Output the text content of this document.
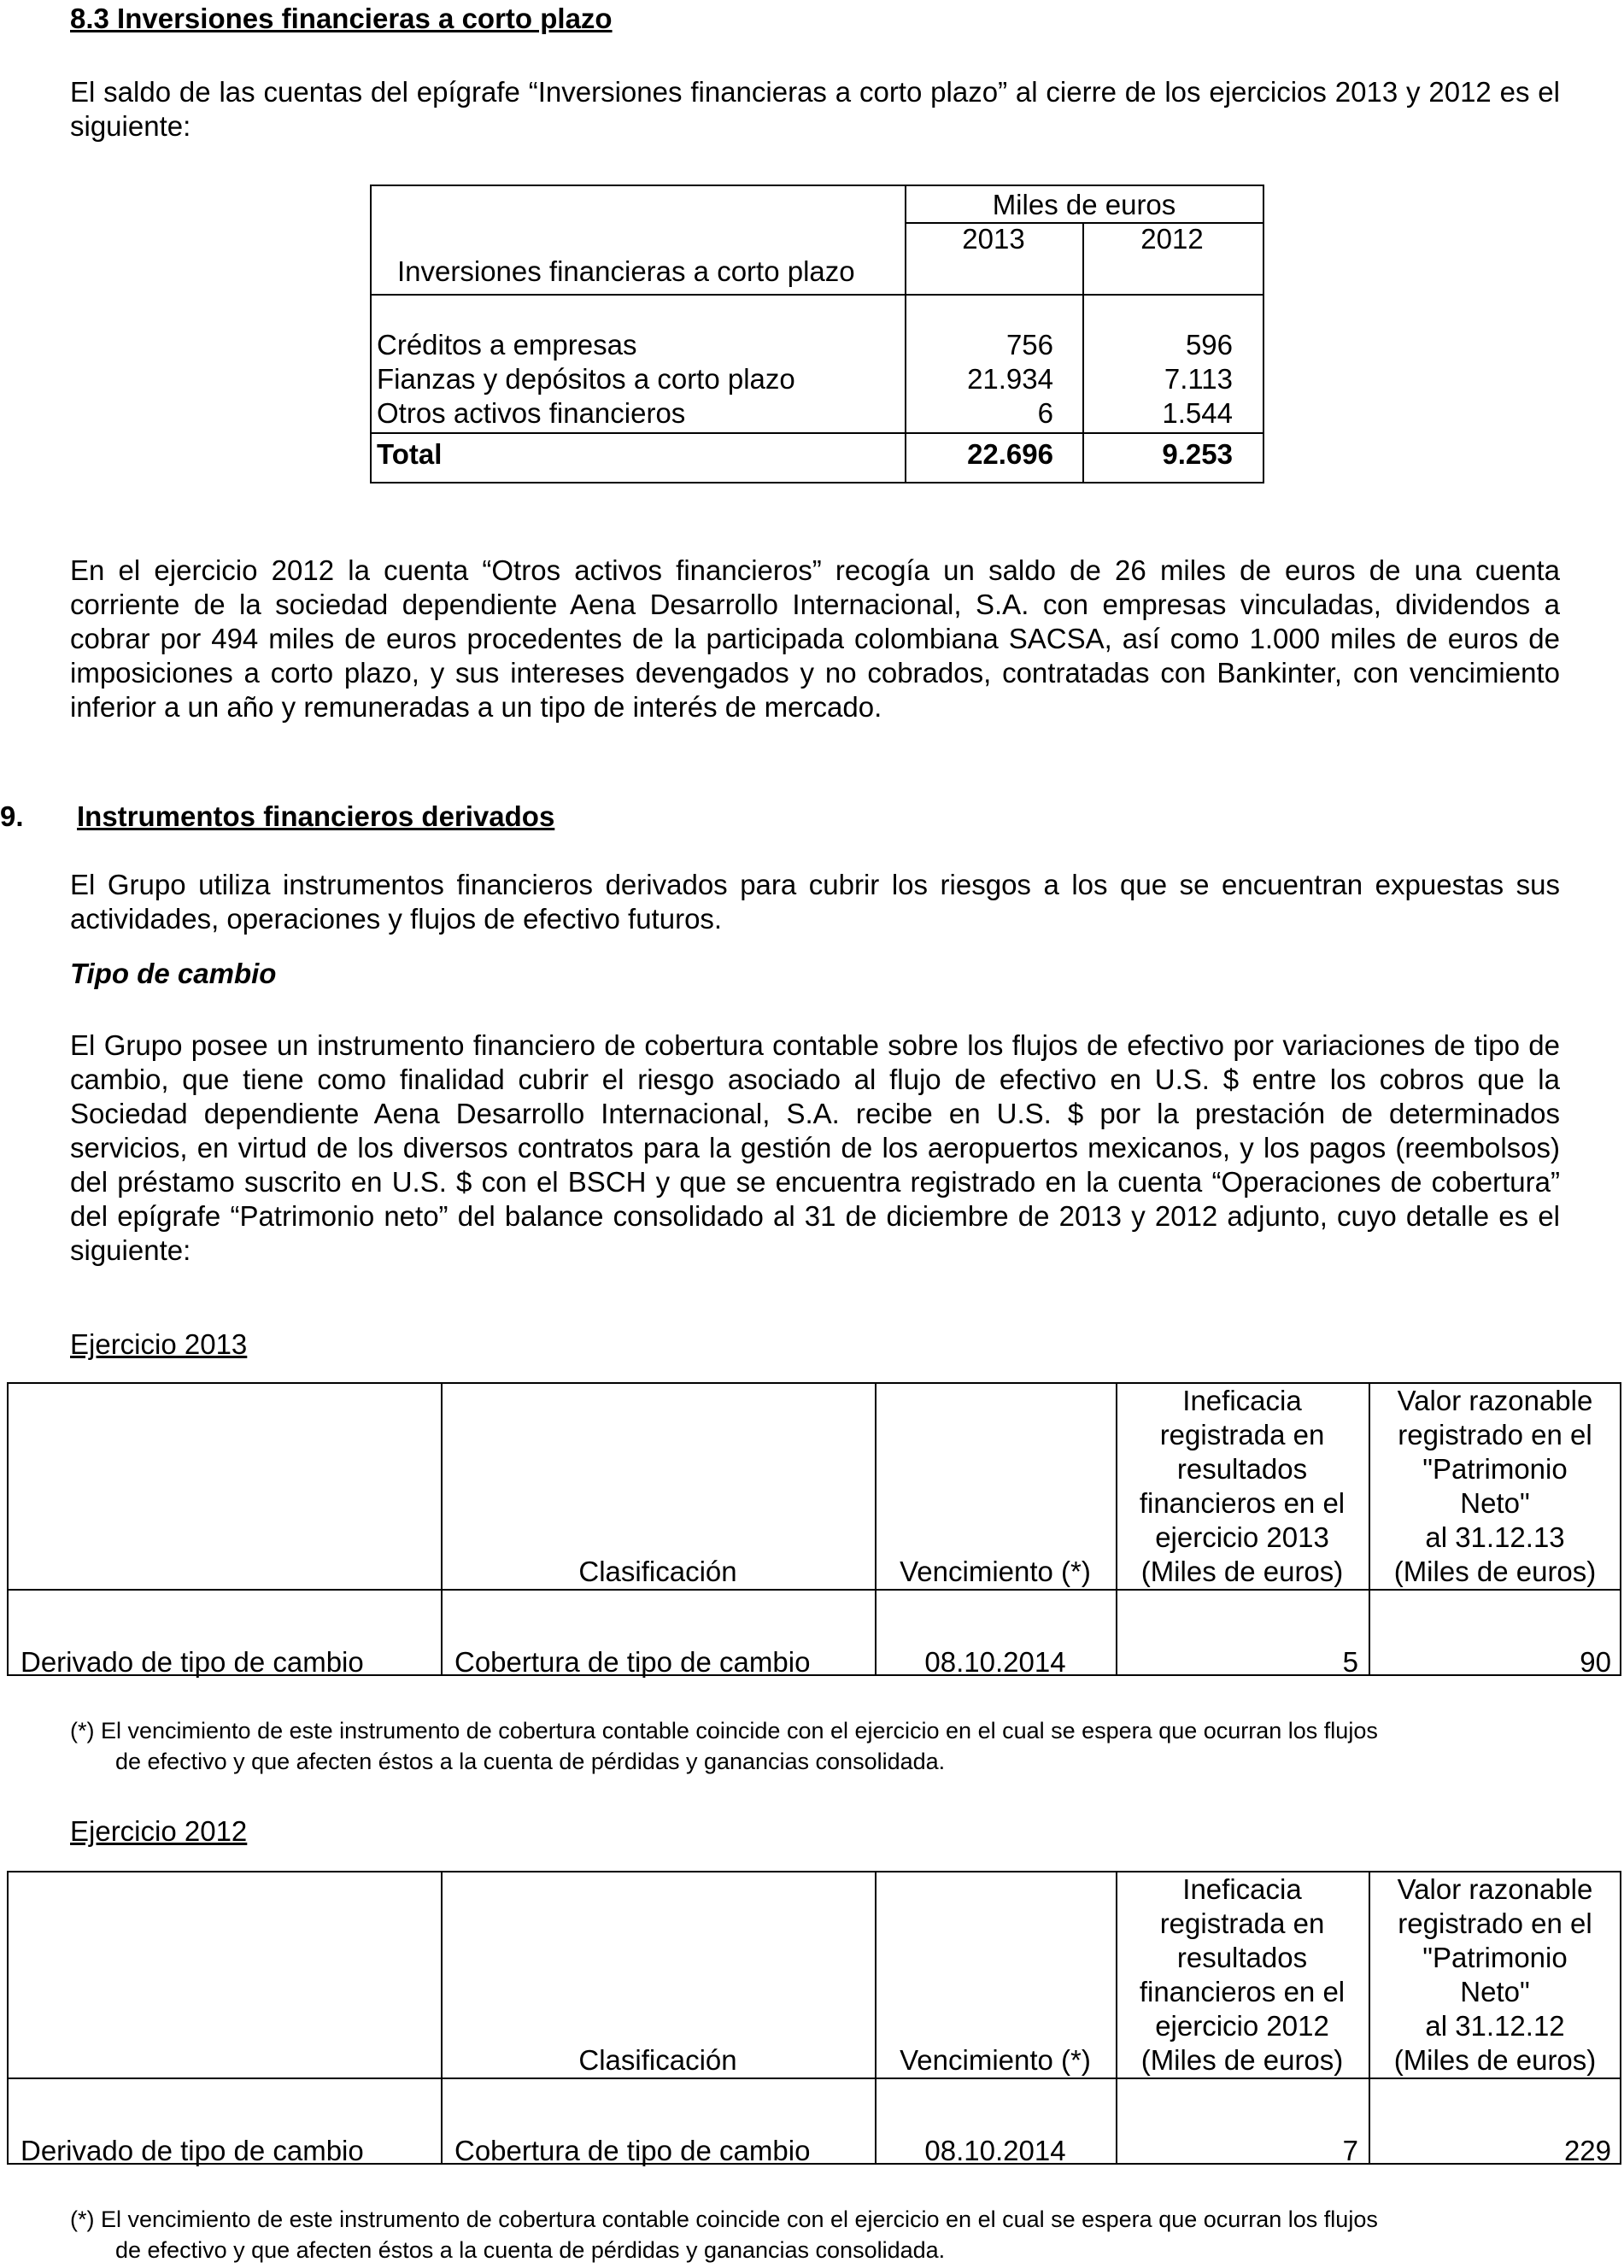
8.3 Inversiones financieras a corto plazo
El saldo de las cuentas del epígrafe “Inversiones financieras a corto plazo” al cierre de los ejercicios 2013 y 2012 es el siguiente:
Inversiones financieras a corto plazo
Miles de euros
2013	2012
Créditos a empresas	756	596
Fianzas y depósitos a corto plazo	21.934	7.113
Otros activos financieros	6	1.544
Total	22.696	9.253
En el ejercicio 2012 la cuenta “Otros activos financieros” recogía un saldo de 26 miles de euros de una cuenta corriente de la sociedad dependiente Aena Desarrollo Internacional, S.A. con empresas vinculadas, dividendos a cobrar por 494 miles de euros procedentes de la participada colombiana SACSA, así como 1.000 miles de euros de imposiciones a corto plazo, y sus intereses devengados y no cobrados, contratadas con Bankinter, con vencimiento inferior a un año y remuneradas a un tipo de interés de mercado.
9. Instrumentos financieros derivados
El Grupo utiliza instrumentos financieros derivados para cubrir los riesgos a los que se encuentran expuestas sus actividades, operaciones y flujos de efectivo futuros.
Tipo de cambio
El Grupo posee un instrumento financiero de cobertura contable sobre los flujos de efectivo por variaciones de tipo de cambio, que tiene como finalidad cubrir el riesgo asociado al flujo de efectivo en U.S. $ entre los cobros que la Sociedad dependiente Aena Desarrollo Internacional, S.A. recibe en U.S. $ por la prestación de determinados servicios, en virtud de los diversos contratos para la gestión de los aeropuertos mexicanos, y los pagos (reembolsos) del préstamo suscrito en U.S. $ con el BSCH y que se encuentra registrado en la cuenta “Operaciones de cobertura” del epígrafe “Patrimonio neto” del balance consolidado al 31 de diciembre de 2013 y 2012 adjunto, cuyo detalle es el siguiente:
Ejercicio 2013
Clasificación	Vencimiento (*)
Ineficacia
registrada en
resultados
financieros en el
ejercicio 2013
(Miles de euros)
Valor razonable
registrado en el
"Patrimonio
Neto"
al 31.12.13
(Miles de euros)
Derivado de tipo de cambio	Cobertura de tipo de cambio	08.10.2014	5	90
(*) El vencimiento de este instrumento de cobertura contable coincide con el ejercicio en el cual se espera que ocurran los flujos
de efectivo y que afecten éstos a la cuenta de pérdidas y ganancias consolidada.
Ejercicio 2012
Clasificación	Vencimiento (*)
Ineficacia
registrada en
resultados
financieros en el
ejercicio 2012
(Miles de euros)
Valor razonable
registrado en el
"Patrimonio
Neto"
al 31.12.12
(Miles de euros)
Derivado de tipo de cambio	Cobertura de tipo de cambio	08.10.2014	7	229
(*) El vencimiento de este instrumento de cobertura contable coincide con el ejercicio en el cual se espera que ocurran los flujos
de efectivo y que afecten éstos a la cuenta de pérdidas y ganancias consolidada.
